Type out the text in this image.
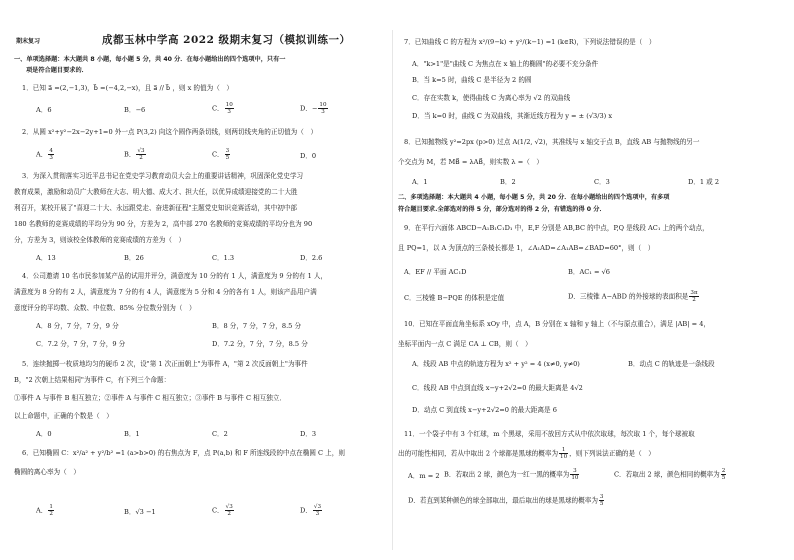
期末复习	成都玉林中学高 2022 级期末复习（模拟训练一）
一、单项选择题：本大题共 8 小题，每小题 5 分，共 40 分．在每小题给出的四个选项中，只有一
项是符合题目要求的．
1．已知 a⃗ =(2,−1,3)，b⃗ =(−4,2,−x)，且 a⃗ // b⃗ ，则 x 的值为（　）
A．6	B．−6	C． $\frac{10}{3}$	D．− $\frac{10}{3}$
2．从圆 x²+y²−2x−2y+1=0 外一点 P(3,2) 向这个圆作两条切线，则两切线夹角的正切值为（　）
A． $\frac{4}{3}$	B． $\frac{√3}{2}$	C． $\frac{3}{5}$	D．0
3．为深入贯彻落实习近平总书记在党史学习教育动员大会上的重要讲话精神，巩固深化党史学习
教育成果，激励和动员广大教师在大志、明大德、成大才、担大任，以优异成绩迎接党的二十大胜
利召开，某校开展了"喜迎二十大、永远跟党走、奋进新征程"主题党史知识竞赛活动，其中初中部
180 名教师的竞赛成绩的平均分为 90 分，方差为 2，高中部 270 名教师的竞赛成绩的平均分也为 90
分，方差为 3，则该校全体教师的竞赛成绩的方差为（　）
A．13	B．26	C．1.3	D．2.6
4．公司邀请 10 名市民参加某产品的试用并评分，满意度为 10 分的有 1 人，满意度为 9 分的有 1 人，
满意度为 8 分的有 2 人，满意度为 7 分的有 4 人，满意度为 5 分和 4 分的各有 1 人，则该产品用户满
意度评分的平均数、众数、中位数、85% 分位数分别为（　）
A．8 分，7 分，7 分，9 分	B．8 分，7 分，7 分，8.5 分
C．7.2 分，7 分，7 分，9 分	D．7.2 分，7 分，7 分，8.5 分
5．连续抛掷一枚质地均匀的硬币 2 次，设"第 1 次正面朝上"为事件 A，"第 2 次反面朝上"为事件
B，"2 次朝上结果相同"为事件 C，有下列三个命题：
①事件 A 与事件 B 相互独立；②事件 A 与事件 C 相互独立；③事件 B 与事件 C 相互独立．
以上命题中，正确的个数是（　）
A．0	B．1	C．2	D．3
6．已知椭圆 C：x²/a² + y²/b² =1 (a>b>0) 的右焦点为 F，点 P(a,b) 和 F 所连线段的中点在椭圆 C 上，则
椭圆的离心率为（　）
A． $\frac{1}{2}$	B．√3 −1	C． $\frac{√3}{2}$	D． $\frac{√3}{3}$
7．已知曲线 C 的方程为 x²/(9−k) + y²/(k−1) =1 (k∈R)，下列说法错误的是（　）
A．"k>1"是"曲线 C 为焦点在 x 轴上的椭圆"的必要不充分条件
B．当 k=5 时，曲线 C 是半径为 2 的圆
C．存在实数 k，使得曲线 C 为离心率为 √2 的双曲线
D．当 k=0 时，曲线 C 为双曲线，其渐近线方程为 y = ± (√3/3) x
8．已知抛物线 y²=2px (p>0) 过点 A(1/2, √2)，其准线与 x 轴交于点 B，直线 AB 与抛物线的另一
个交点为 M，若 MB⃗ = λAB⃗，则实数 λ =（　）
A．1	B．2	C．3	D．1 或 2
二、多项选择题：本大题共 4 小题，每小题 5 分，共 20 分．在每小题给出的四个选项中，有多项
符合题目要求.全部选对的得 5 分，部分选对的得 2 分，有错选的得 0 分．
9．在平行六面体 ABCD−A₁B₁C₁D₁ 中，E,F 分别是 AB,BC 的中点，P,Q 是线段 AC₁ 上的两个动点，
且 PQ=1，以 A 为顶点的三条棱长都是 1，∠A₁AD=∠A₁AB=∠BAD=60°，则（　）
A．EF // 平面 AC₁D	B．AC₁ = √6
C．三棱锥 B−PQE 的体积是定值	D．三棱锥 A−ABD 的外接球的表面积是 $\frac{3\pi}{2}$
10．已知在平面直角坐标系 xOy 中，点 A，B 分别在 x 轴和 y 轴上（不与原点重合），满足 |AB| = 4，
坐标平面内一点 C 满足 CA ⊥ CB，则（　）
A．线段 AB 中点的轨迹方程为 x² + y² = 4 (x≠0, y≠0)	B．动点 C 的轨迹是一条线段
C．线段 AB 中点到直线 x−y+2√2=0 的最大距离是 4√2
D．动点 C 到直线 x−y+2√2=0 的最大距离是 6
11．一个袋子中有 3 个红球，m 个黑球，采用不放回方式从中依次取球，每次取 1 个，每个球被取
出的可能性相同，若从中取出 2 个球都是黑球的概率为 $\frac{1}{10}$ ，则下列说法正确的是（　）
A．m = 2 B．若取出 2 球，颜色为一红一黑的概率为 $\frac{3}{10}$	C．若取出 2 球，颜色相同的概率为 $\frac{2}{5}$
D．若直到某种颜色的球全部取出，最后取出的球是黑球的概率为 $\frac{3}{5}$
